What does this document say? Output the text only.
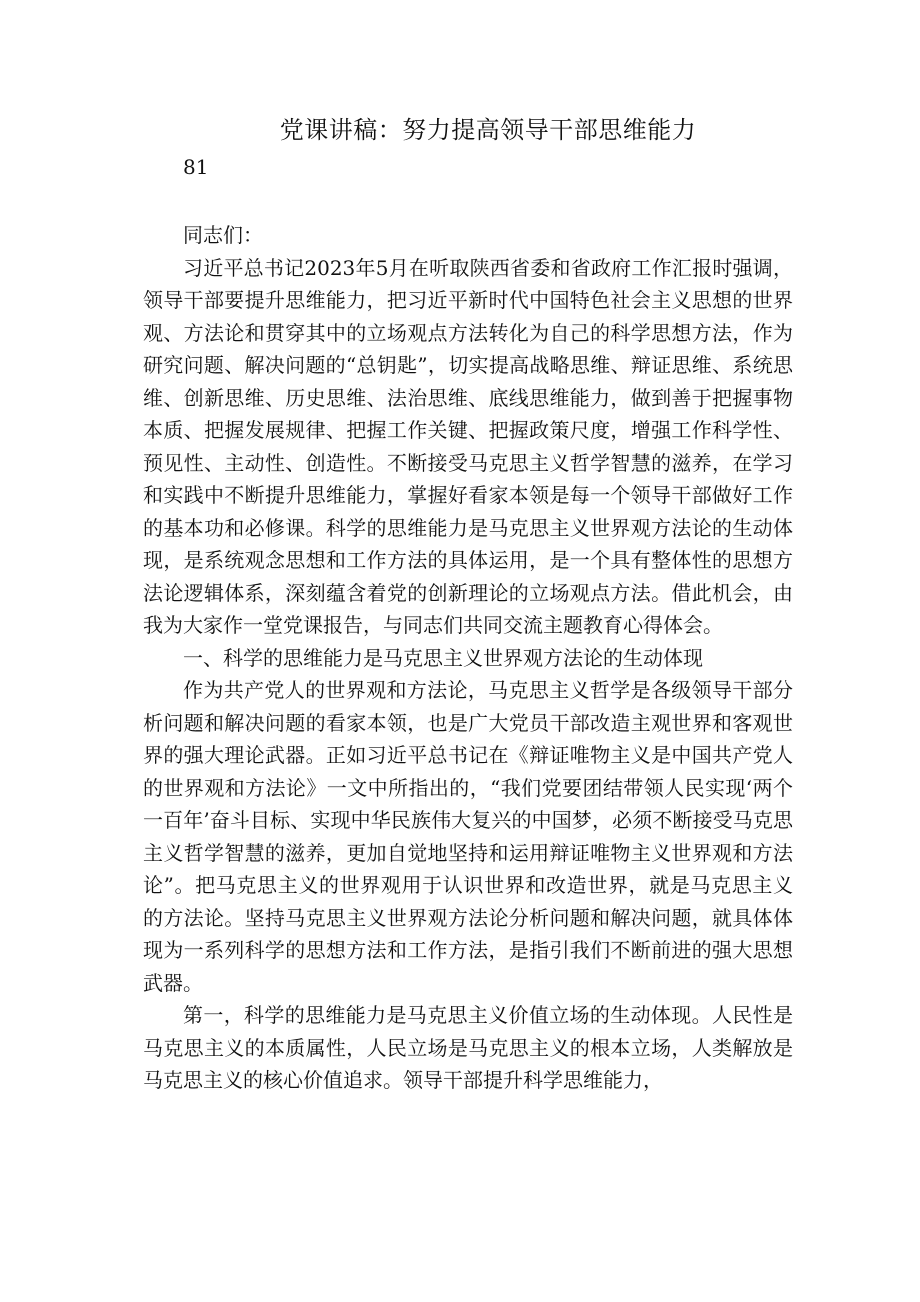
党课讲稿：努力提高领导干部思维能力
81

同志们：

习近平总书记2023年5月在听取陕西省委和省政府工作汇报时强调，领导干部要提升思维能力，把习近平新时代中国特色社会主义思想的世界观、方法论和贯穿其中的立场观点方法转化为自己的科学思想方法，作为研究问题、解决问题的“总钥匙”，切实提高战略思维、辩证思维、系统思维、创新思维、历史思维、法治思维、底线思维能力，做到善于把握事物本质、把握发展规律、把握工作关键、把握政策尺度，增强工作科学性、预见性、主动性、创造性。不断接受马克思主义哲学智慧的滋养，在学习和实践中不断提升思维能力，掌握好看家本领是每一个领导干部做好工作的基本功和必修课。科学的思维能力是马克思主义世界观方法论的生动体现，是系统观念思想和工作方法的具体运用，是一个具有整体性的思想方法论逻辑体系，深刻蕴含着党的创新理论的立场观点方法。借此机会，由我为大家作一堂党课报告，与同志们共同交流主题教育心得体会。

一、科学的思维能力是马克思主义世界观方法论的生动体现

作为共产党人的世界观和方法论，马克思主义哲学是各级领导干部分析问题和解决问题的看家本领，也是广大党员干部改造主观世界和客观世界的强大理论武器。正如习近平总书记在《辩证唯物主义是中国共产党人的世界观和方法论》一文中所指出的，“我们党要团结带领人民实现‘两个一百年’奋斗目标、实现中华民族伟大复兴的中国梦，必须不断接受马克思主义哲学智慧的滋养，更加自觉地坚持和运用辩证唯物主义世界观和方法论”。把马克思主义的世界观用于认识世界和改造世界，就是马克思主义的方法论。坚持马克思主义世界观方法论分析问题和解决问题，就具体体现为一系列科学的思想方法和工作方法，是指引我们不断前进的强大思想武器。

第一，科学的思维能力是马克思主义价值立场的生动体现。人民性是马克思主义的本质属性，人民立场是马克思主义的根本立场，人类解放是马克思主义的核心价值追求。领导干部提升科学思维能力，
